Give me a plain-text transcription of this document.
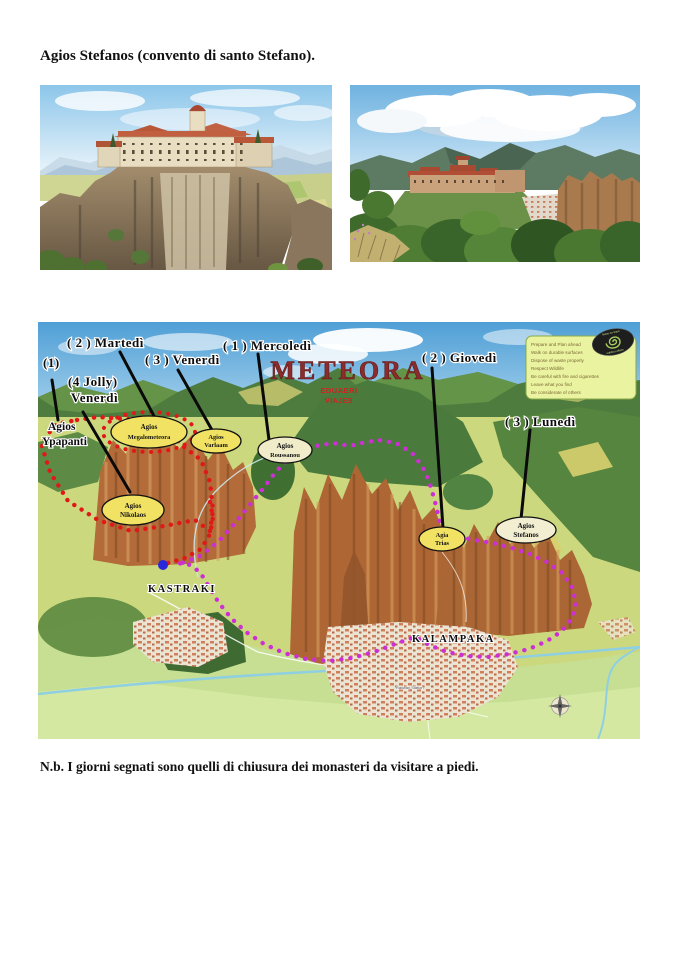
Agios Stefanos (convento di santo Stefano).
Agios
Ypapanti
Agios
Megalometeora	Agios
Varlaam	Agios
Roussanou
Agios
Nikolaos
Agia
Trias
Agios
Stefanos
KASTRAKI
KALAMPAKA
Railway Station
( 2 ) Martedì
( 3 ) Venerdì
( 1 ) Mercoledì
( 2 ) Giovedì
( 3 ) Lunedì
(1)
(4 Jolly)
Venerdì
METEORA
EDUAERI
VIAJES
Prepare and Plan ahead
Walk on durable surfaces
Dispose of waste properly
Respect Wildlife
Be careful with fire and cigarettes
Leave what you find
Be considerate of others
leave no trace
outdoor ethics

N.b. I giorni segnati sono quelli di chiusura dei monasteri da visitare a piedi.
